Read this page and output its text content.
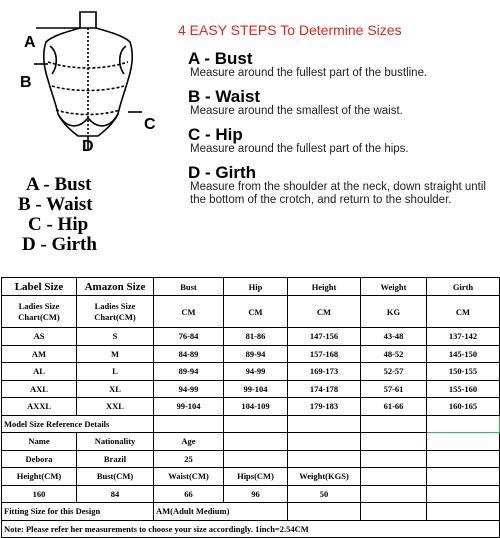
A
B
C
D
A - Bust
B - Waist
C - Hip
D - Girth
4 EASY STEPS To Determine Sizes
A - Bust
Measure around the fullest part of the bustline.
B - Waist
Measure around the smallest of the waist.
C - Hip
Measure around the fullest part of the hips.
D - Girth
Measure from the shoulder at the neck, down straight until the bottom of the crotch, and return to the shoulder.
Label Size	Amazon Size	Bust	Hip	Height	Weight	Girth
Ladies Size Chart(CM)	Ladies Size Chart(CM)	CM	CM	CM	KG	CM
AS	S	76-84	81-86	147-156	43-48	137-142
AM	M	84-89	89-94	157-168	48-52	145-150
AL	L	89-94	94-99	169-173	52-57	150-155
AXL	XL	94-99	99-104	174-178	57-61	155-160
AXXL	XXL	99-104	104-109	179-183	61-66	160-165
Model Size Reference Details						
Name	Nationality	Age				
Debora	Brazil	25				
Height(CM)	Bust(CM)	Waist(CM)	Hips(CM)	Weight(KGS)		
160	84	66	96	50		
Fitting Size for this Design		AM(Adult Medium)				
Note: Please refer her measurements to choose your size accordingly. 1inch=2.54CM						
